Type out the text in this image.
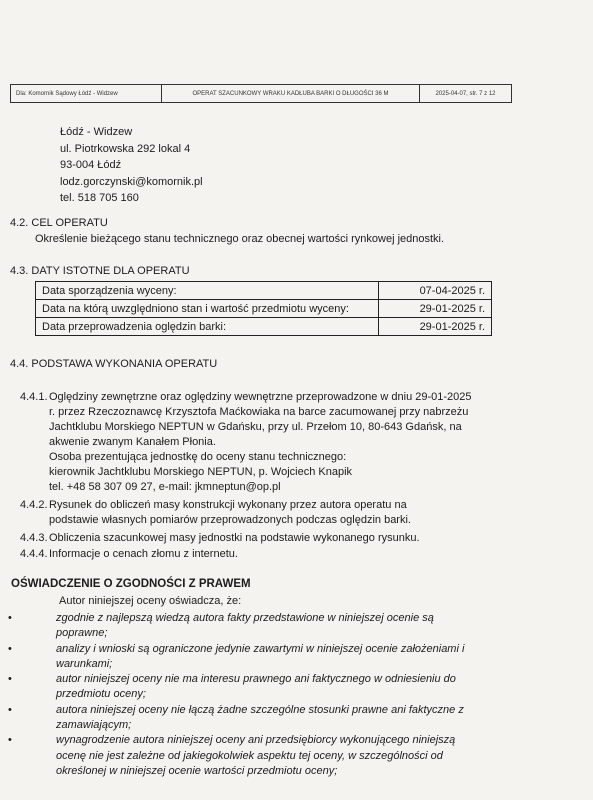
Dla: Komornik Sądowy Łódź - Widzew	OPERAT SZACUNKOWY WRAKU KADŁUBA BARKI O DŁUGOŚCI 36 M	2025-04-07, str. 7 z 12
Łódź - Widzew
ul. Piotrkowska 292 lokal 4
93-004 Łódź
lodz.gorczynski@komornik.pl
tel. 518 705 160
4.2. CEL OPERATU
Określenie bieżącego stanu technicznego oraz obecnej wartości rynkowej jednostki.
4.3. DATY ISTOTNE DLA OPERATU
Data sporządzenia wyceny:	07-04-2025 r.
Data na którą uwzględniono stan i wartość przedmiotu wyceny:	29-01-2025 r.
Data przeprowadzenia oględzin barki:	29-01-2025 r.
4.4. PODSTAWA WYKONANIA OPERATU
4.4.1. Oględziny zewnętrzne oraz oględziny wewnętrzne przeprowadzone w dniu 29-01-2025
r. przez Rzeczoznawcę Krzysztofa Maćkowiaka na barce zacumowanej przy nabrzeżu
Jachtklubu Morskiego NEPTUN w Gdańsku, przy ul. Przełom 10, 80-643 Gdańsk, na
akwenie zwanym Kanałem Płonia.
Osoba prezentująca jednostkę do oceny stanu technicznego:
kierownik Jachtklubu Morskiego NEPTUN, p. Wojciech Knapik
tel. +48 58 307 09 27, e-mail: jkmneptun@op.pl
4.4.2. Rysunek do obliczeń masy konstrukcji wykonany przez autora operatu na
podstawie własnych pomiarów przeprowadzonych podczas oględzin barki.
4.4.3. Obliczenia szacunkowej masy jednostki na podstawie wykonanego rysunku.
4.4.4. Informacje o cenach złomu z internetu.
OŚWIADCZENIE O ZGODNOŚCI Z PRAWEM
Autor niniejszej oceny oświadcza, że:
•	zgodnie z najlepszą wiedzą autora fakty przedstawione w niniejszej ocenie są
poprawne;
•	analizy i wnioski są ograniczone jedynie zawartymi w niniejszej ocenie założeniami i
warunkami;
•	autor niniejszej oceny nie ma interesu prawnego ani faktycznego w odniesieniu do
przedmiotu oceny;
•	autora niniejszej oceny nie łączą żadne szczególne stosunki prawne ani faktyczne z
zamawiającym;
•	wynagrodzenie autora niniejszej oceny ani przedsiębiorcy wykonującego niniejszą
ocenę nie jest zależne od jakiegokolwiek aspektu tej oceny, w szczególności od
określonej w niniejszej ocenie wartości przedmiotu oceny;
